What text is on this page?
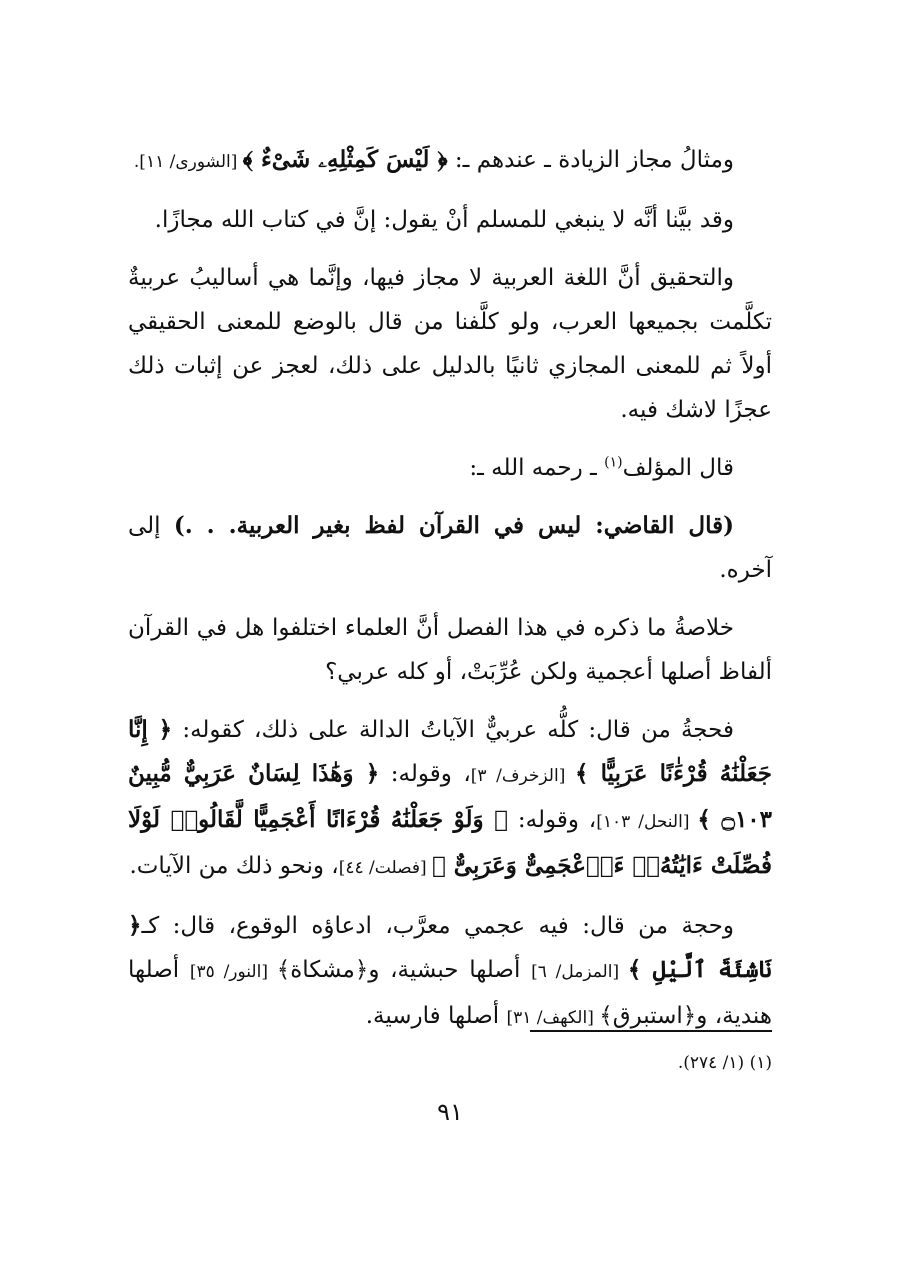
ومثالُ مجاز الزيادة ـ عندهم ـ: ﴿ لَيْسَ كَمِثْلِهِۦ شَىْءٌ ﴾ [الشورى/ ١١].

وقد بيَّنا أنَّه لا ينبغي للمسلم أنْ يقول: إنَّ في كتاب الله مجازًا.

والتحقيق أنَّ اللغة العربية لا مجاز فيها، وإنَّما هي أساليبُ عربيةٌ تكلَّمت بجميعها العرب، ولو كلَّفنا من قال بالوضع للمعنى الحقيقي أولاً ثم للمعنى المجازي ثانيًا بالدليل على ذلك، لعجز عن إثبات ذلك عجزًا لاشك فيه.

قال المؤلف$^{(١)}$ ـ رحمه الله ـ:

(قال القاضي: ليس في القرآن لفظ بغير العربية. . .) إلى آخره.

خلاصةُ ما ذكره في هذا الفصل أنَّ العلماء اختلفوا هل في القرآن ألفاظ أصلها أعجمية ولكن عُرِّبَتْ، أو كله عربي؟

فحجةُ من قال: كلُّه عربيٌّ الآياتُ الدالة على ذلك، كقوله: ﴿ إِنَّا جَعَلْنَٰهُ قُرْءَٰنًا عَرَبِيًّا ﴾ [الزخرف/ ٣]، وقوله: ﴿ وَهَٰذَا لِسَانٌ عَرَبِيٌّ مُّبِينٌ ۝١٠٣ ﴾ [النحل/ ١٠٣]، وقوله: ﴿ وَلَوْ جَعَلْنَٰهُ قُرْءَانًا أَعْجَمِيًّا لَّقَالُوا۟ لَوْلَا فُصِّلَتْ ءَايَٰتُهُۥٓ ءَا۬عْجَمِىٌّ وَعَرَبِىٌّ ﴾ [فصلت/ ٤٤]، ونحو ذلك من الآيات.

وحجة من قال: فيه عجمي معرَّب، ادعاؤه الوقوع، قال: كـ﴿ نَاشِئَةَ ٱلَّيْلِ ﴾ [المزمل/ ٦] أصلها حبشية، و﴿مشكاة﴾ [النور/ ٣٥] أصلها هندية، و﴿استبرق﴾ [الكهف/ ٣١] أصلها فارسية.

(١) (١/ ٢٧٤).
٩١
